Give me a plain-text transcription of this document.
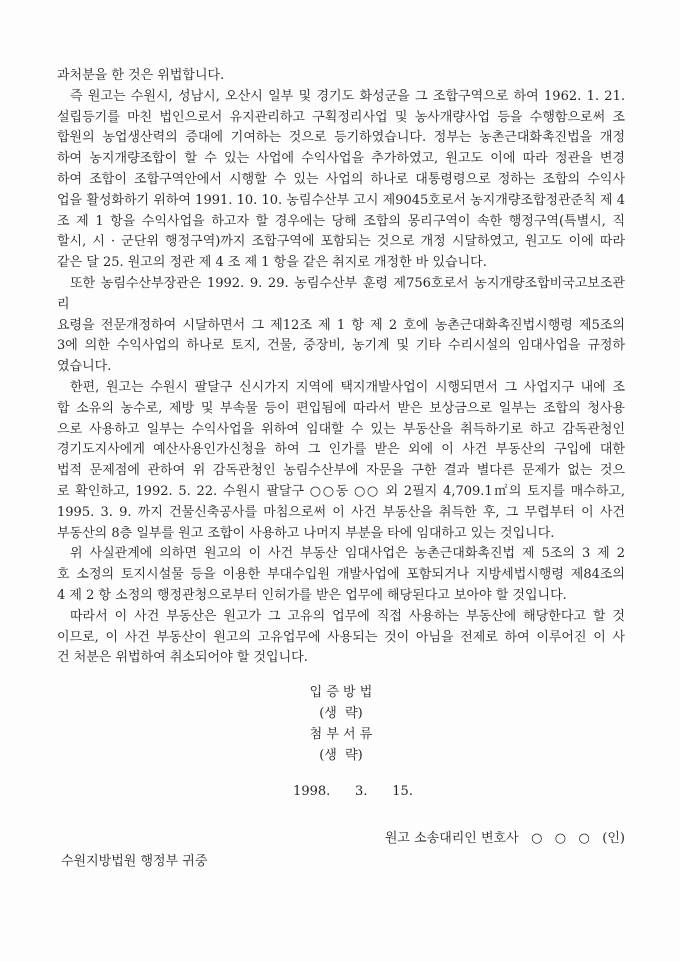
과처분을 한 것은 위법합니다.
즉 원고는 수원시, 성남시, 오산시 일부 및 경기도 화성군을 그 조합구역으로 하여 1962. 1. 21.
설립등기를 마친 법인으로서 유지관리하고 구획정리사업 및 농사개량사업 등을 수행함으로써 조
합원의 농업생산력의 증대에 기여하는 것으로 등기하였습니다. 정부는 농촌근대화촉진법을 개정
하여 농지개량조합이 할 수 있는 사업에 수익사업을 추가하였고, 원고도 이에 따라 정관을 변경
하여 조합이 조합구역안에서 시행할 수 있는 사업의 하나로 대통령령으로 정하는 조합의 수익사
업을 활성화하기 위하여 1991. 10. 10. 농림수산부 고시 제9045호로서 농지개량조합정관준칙 제 4
조 제 1 항을 수익사업을 하고자 할 경우에는 당해 조합의 몽리구역이 속한 행정구역(특별시, 직
할시, 시 · 군단위 행정구역)까지 조합구역에 포함되는 것으로 개정 시달하였고, 원고도 이에 따라
같은 달 25. 원고의 정관 제 4 조 제 1 항을 같은 취지로 개정한 바 있습니다.
또한 농림수산부장관은 1992. 9. 29. 농림수산부 훈령 제756호로서 농지개량조합비국고보조관리
요령을 전문개정하여 시달하면서 그 제12조 제 1 항 제 2 호에 농촌근대화촉진법시행령 제5조의
3에 의한 수익사업의 하나로 토지, 건물, 중장비, 농기계 및 기타 수리시설의 임대사업을 규정하
였습니다.
한편, 원고는 수원시 팔달구 신시가지 지역에 택지개발사업이 시행되면서 그 사업지구 내에 조
합 소유의 농수로, 제방 및 부속물 등이 편입됨에 따라서 받은 보상금으로 일부는 조합의 청사용
으로 사용하고 일부는 수익사업을 위하여 임대할 수 있는 부동산을 취득하기로 하고 감독관청인
경기도지사에게 예산사용인가신청을 하여 그 인가를 받은 외에 이 사건 부동산의 구입에 대한
법적 문제점에 관하여 위 감독관청인 농림수산부에 자문을 구한 결과 별다른 문제가 없는 것으
로 확인하고, 1992. 5. 22. 수원시 팔달구 ○○동 ○○ 외 2필지 4,709.1㎡의 토지를 매수하고,
1995. 3. 9. 까지 건물신축공사를 마침으로써 이 사건 부동산을 취득한 후, 그 무렵부터 이 사건
부동산의 8층 일부를 원고 조합이 사용하고 나머지 부분을 타에 임대하고 있는 것입니다.
위 사실관계에 의하면 원고의 이 사건 부동산 임대사업은 농촌근대화촉진법 제 5조의 3 제 2
호 소정의 토지시설물 등을 이용한 부대수입원 개발사업에 포함되거나 지방세법시행령 제84조의
4 제 2 항 소정의 행정관청으로부터 인허가를 받은 업무에 해당된다고 보아야 할 것입니다.
따라서 이 사건 부동산은 원고가 그 고유의 업무에 직접 사용하는 부동산에 해당한다고 할 것
이므로, 이 사건 부동산이 원고의 고유업무에 사용되는 것이 아님을 전제로 하여 이루어진 이 사
건 처분은 위법하여 취소되어야 할 것입니다.
입 증 방 법
(생  략)
첨 부 서 류
(생  략)
1998.      3.      15.
원고 소송대리인 변호사   ○   ○   ○   (인)
수원지방법원 행정부 귀중
